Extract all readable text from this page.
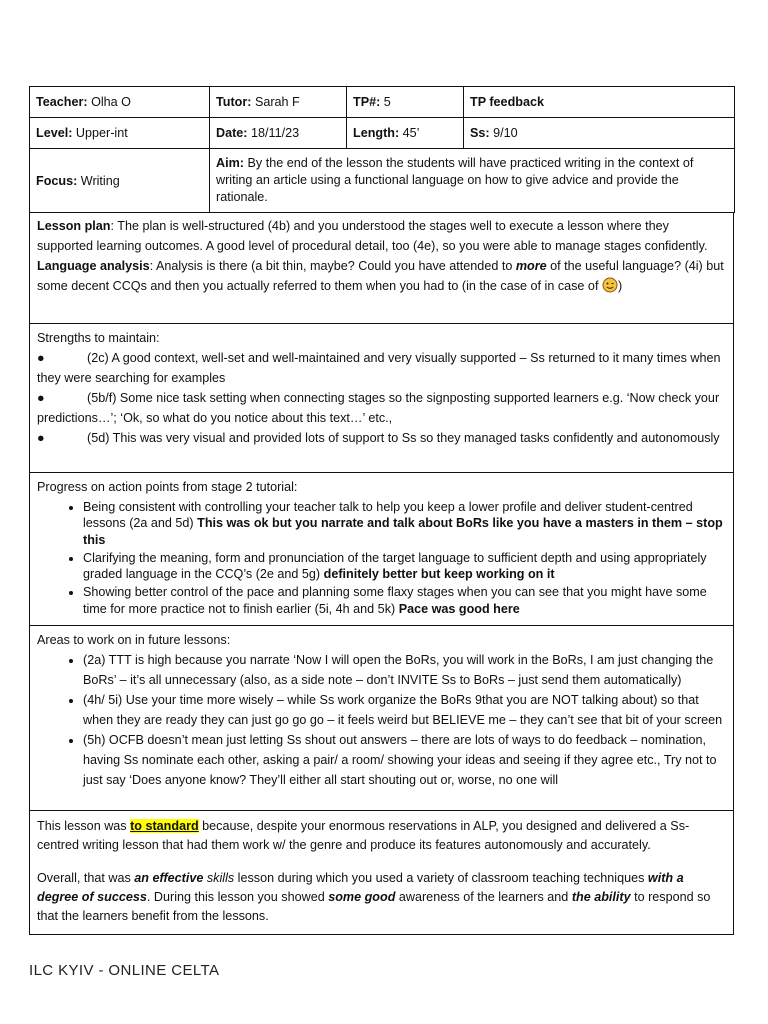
Teacher: Olha O	Tutor: Sarah F	TP#: 5	TP feedback
Level: Upper-int	Date: 18/11/23	Length: 45’	Ss: 9/10
Focus: Writing	Aim: By the end of the lesson the students will have practiced writing in the context of writing an article using a functional language on how to give advice and provide the rationale.		
Lesson plan: The plan is well-structured (4b) and you understood the stages well to execute a lesson where they supported learning outcomes. A good level of procedural detail, too (4e), so you were able to manage stages confidently.
Language analysis: Analysis is there (a bit thin, maybe? Could you have attended to more of the useful language? (4i) but some decent CCQs and then you actually referred to them when you had to (in the case of in case of )
Strengths to maintain:
●	(2c) A good context, well-set and well-maintained and very visually supported – Ss returned to it many times when they were searching for examples
●	(5b/f) Some nice task setting when connecting stages so the signposting supported learners e.g. ‘Now check your predictions…’; ‘Ok, so what do you notice about this text…’ etc.,
●	(5d) This was very visual and provided lots of support to Ss so they managed tasks confidently and autonomously
Progress on action points from stage 2 tutorial:
• Being consistent with controlling your teacher talk to help you keep a lower profile and deliver student-centred lessons (2a and 5d) This was ok but you narrate and talk about BoRs like you have a masters in them – stop this
• Clarifying the meaning, form and pronunciation of the target language to sufficient depth and using appropriately graded language in the CCQ’s (2e and 5g) definitely better but keep working on it
• Showing better control of the pace and planning some flaxy stages when you can see that you might have some time for more practice not to finish earlier (5i, 4h and 5k) Pace was good here
Areas to work on in future lessons:
• (2a) TTT is high because you narrate ‘Now I will open the BoRs, you will work in the BoRs, I am just changing the BoRs’ – it’s all unnecessary (also, as a side note – don’t INVITE Ss to BoRs – just send them automatically)
• (4h/ 5i) Use your time more wisely – while Ss work organize the BoRs 9that you are NOT talking about) so that when they are ready they can just go go go – it feels weird but BELIEVE me – they can’t see that bit of your screen
• (5h) OCFB doesn’t mean just letting Ss shout out answers – there are lots of ways to do feedback – nomination, having Ss nominate each other, asking a pair/ a room/ showing your ideas and seeing if they agree etc., Try not to just say ‘Does anyone know? They’ll either all start shouting out or, worse, no one will
This lesson was to standard because, despite your enormous reservations in ALP, you designed and delivered a Ss-centred writing lesson that had them work w/ the genre and produce its features autonomously and accurately.
Overall, that was an effective skills lesson during which you used a variety of classroom teaching techniques with a degree of success. During this lesson you showed some good awareness of the learners and the ability to respond so that the learners benefit from the lessons.
ILC KYIV - ONLINE CELTA
